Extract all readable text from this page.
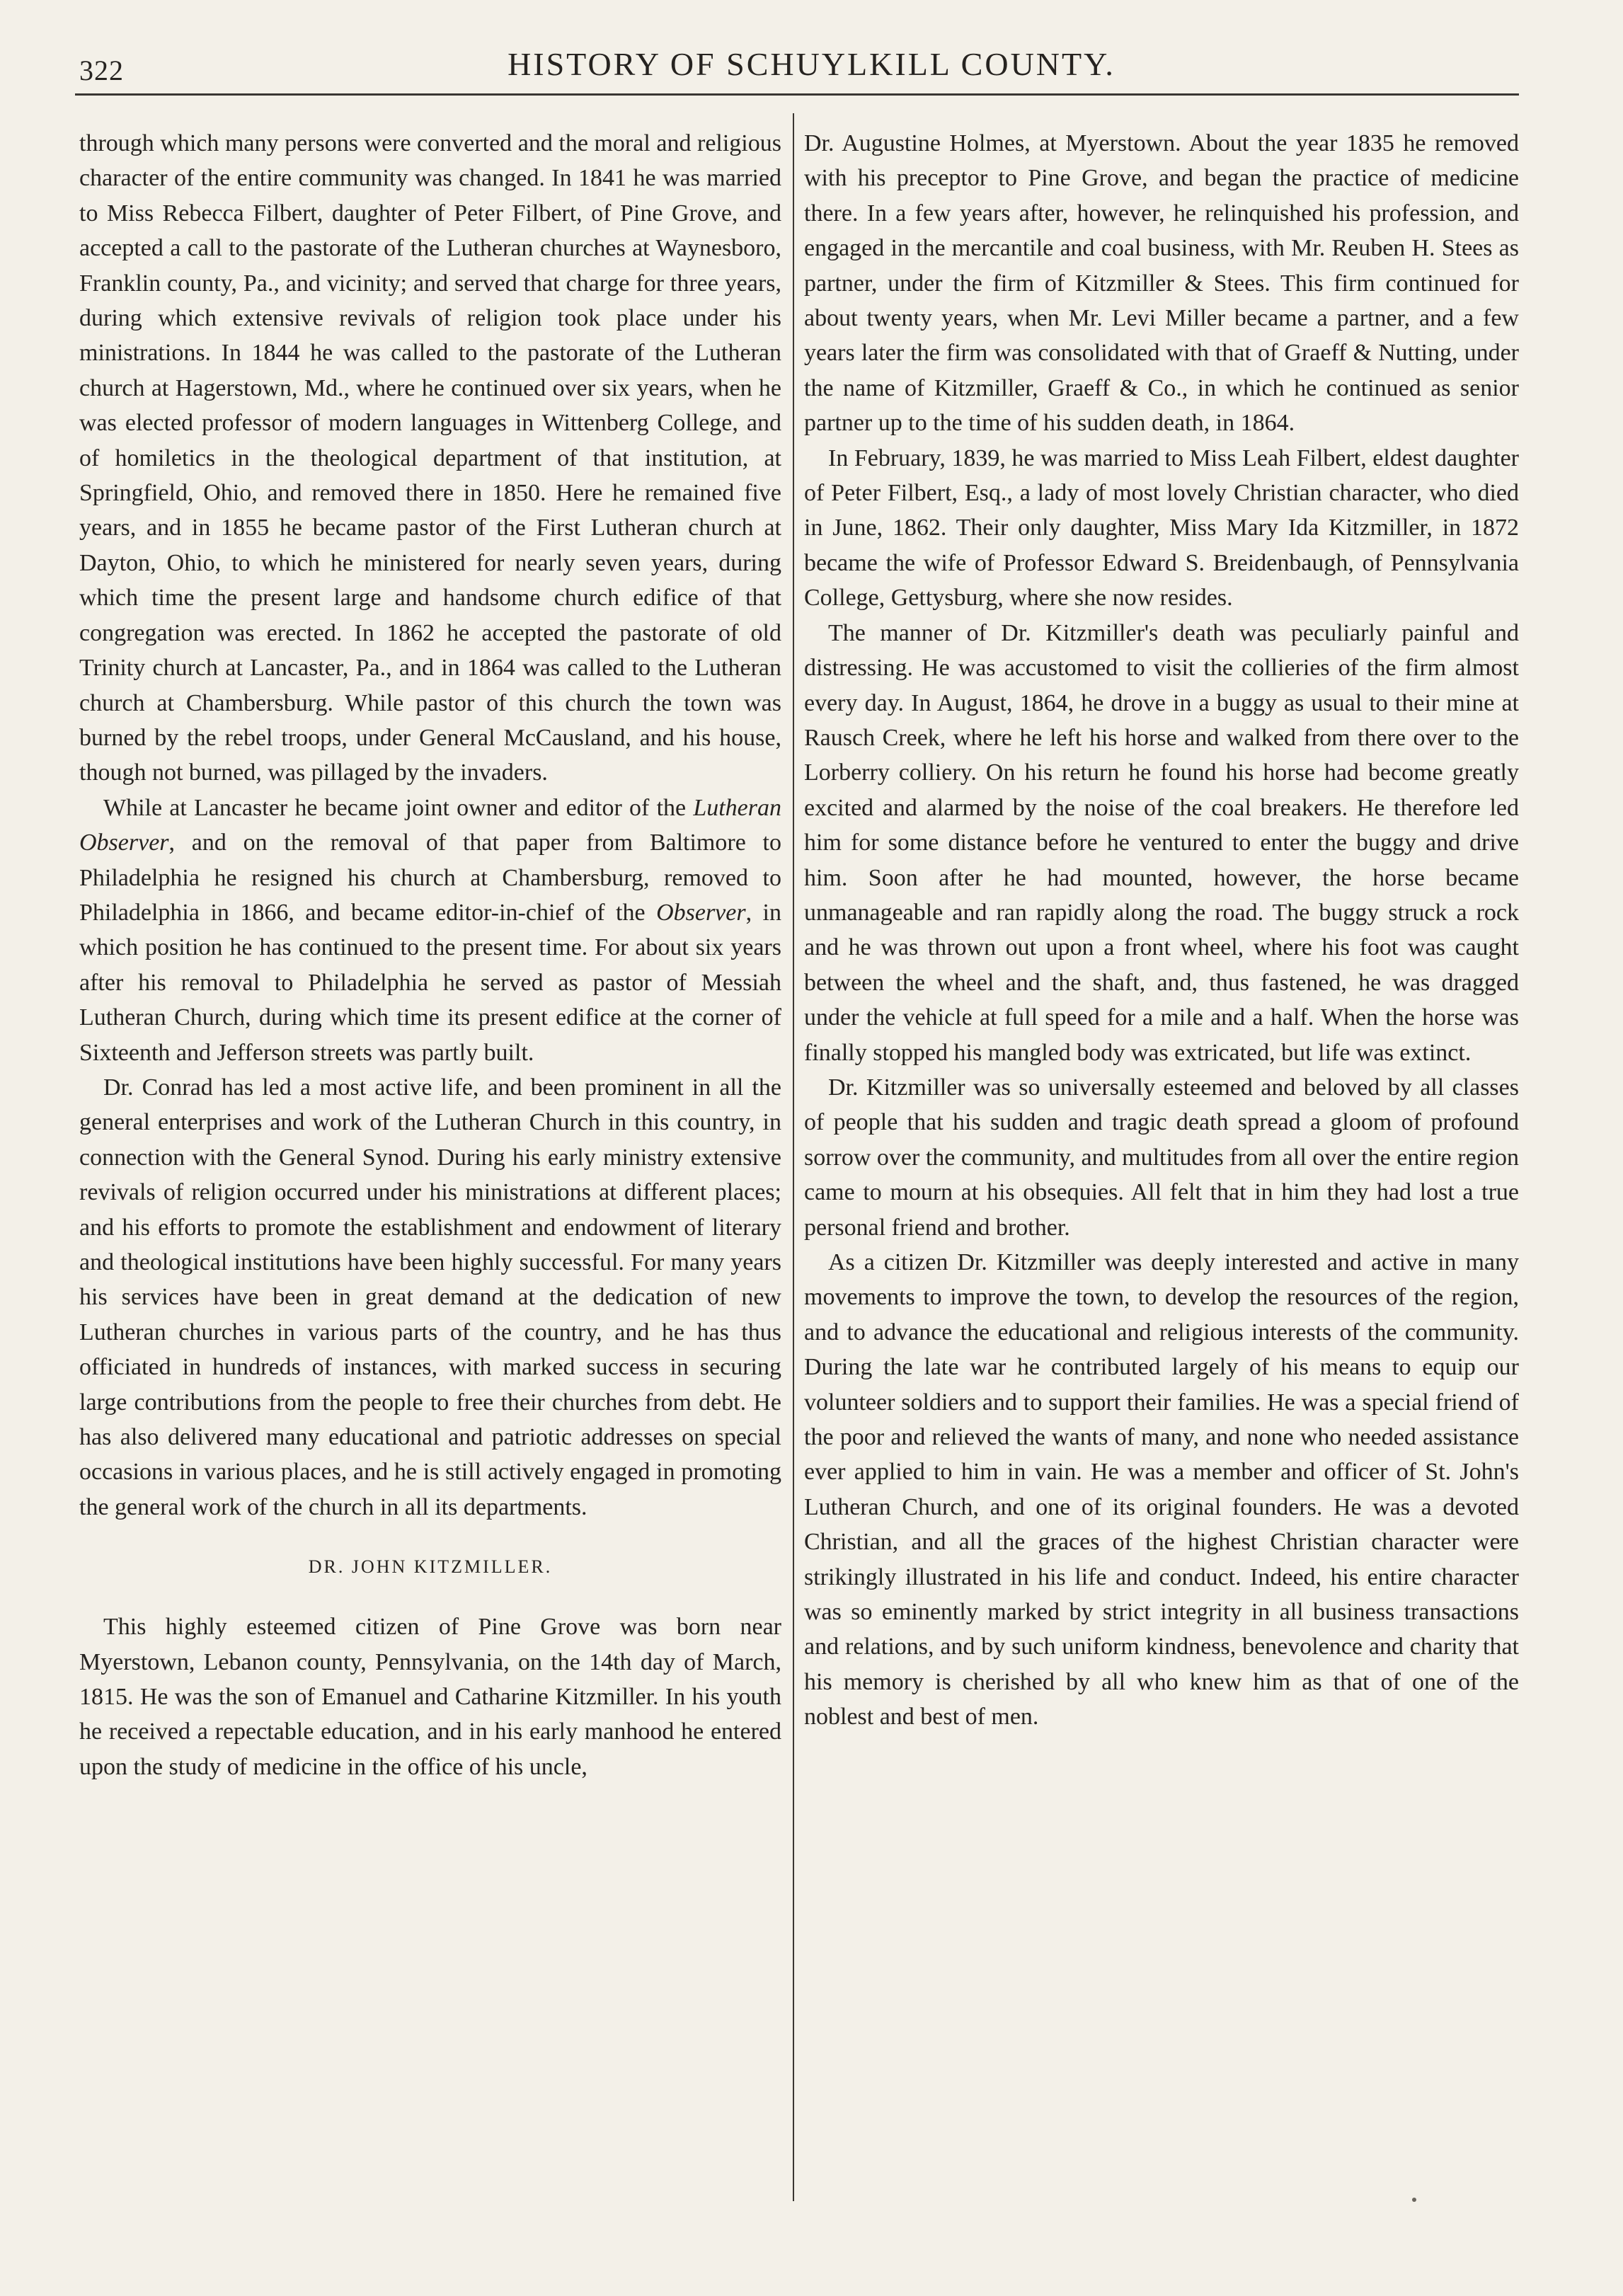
322	HISTORY OF SCHUYLKILL COUNTY.

through which many persons were converted and the moral and religious character of the entire community was changed. In 1841 he was married to Miss Rebecca Filbert, daughter of Peter Filbert, of Pine Grove, and accepted a call to the pastorate of the Lutheran churches at Waynesboro, Franklin county, Pa., and vicinity; and served that charge for three years, during which extensive revivals of religion took place under his ministrations. In 1844 he was called to the pastorate of the Lutheran church at Hagerstown, Md., where he continued over six years, when he was elected professor of modern languages in Wittenberg College, and of homiletics in the theological department of that institution, at Springfield, Ohio, and removed there in 1850. Here he remained five years, and in 1855 he became pastor of the First Lutheran church at Dayton, Ohio, to which he ministered for nearly seven years, during which time the present large and handsome church edifice of that congregation was erected. In 1862 he accepted the pastorate of old Trinity church at Lancaster, Pa., and in 1864 was called to the Lutheran church at Chambersburg. While pastor of this church the town was burned by the rebel troops, under General McCausland, and his house, though not burned, was pillaged by the invaders.

While at Lancaster he became joint owner and editor of the Lutheran Observer, and on the removal of that paper from Baltimore to Philadelphia he resigned his church at Chambersburg, removed to Philadelphia in 1866, and became editor-in-chief of the Observer, in which position he has continued to the present time. For about six years after his removal to Philadelphia he served as pastor of Messiah Lutheran Church, during which time its present edifice at the corner of Sixteenth and Jefferson streets was partly built.

Dr. Conrad has led a most active life, and been prominent in all the general enterprises and work of the Lutheran Church in this country, in connection with the General Synod. During his early ministry extensive revivals of religion occurred under his ministrations at different places; and his efforts to promote the establishment and endowment of literary and theological institutions have been highly successful. For many years his services have been in great demand at the dedication of new Lutheran churches in various parts of the country, and he has thus officiated in hundreds of instances, with marked success in securing large contributions from the people to free their churches from debt. He has also delivered many educational and patriotic addresses on special occasions in various places, and he is still actively engaged in promoting the general work of the church in all its departments.

DR. JOHN KITZMILLER.

This highly esteemed citizen of Pine Grove was born near Myerstown, Lebanon county, Pennsylvania, on the 14th day of March, 1815. He was the son of Emanuel and Catharine Kitzmiller. In his youth he received a repectable education, and in his early manhood he entered upon the study of medicine in the office of his uncle,

Dr. Augustine Holmes, at Myerstown. About the year 1835 he removed with his preceptor to Pine Grove, and began the practice of medicine there. In a few years after, however, he relinquished his profession, and engaged in the mercantile and coal business, with Mr. Reuben H. Stees as partner, under the firm of Kitzmiller & Stees. This firm continued for about twenty years, when Mr. Levi Miller became a partner, and a few years later the firm was consolidated with that of Graeff & Nutting, under the name of Kitzmiller, Graeff & Co., in which he continued as senior partner up to the time of his sudden death, in 1864.

In February, 1839, he was married to Miss Leah Filbert, eldest daughter of Peter Filbert, Esq., a lady of most lovely Christian character, who died in June, 1862. Their only daughter, Miss Mary Ida Kitzmiller, in 1872 became the wife of Professor Edward S. Breidenbaugh, of Pennsylvania College, Gettysburg, where she now resides.

The manner of Dr. Kitzmiller's death was peculiarly painful and distressing. He was accustomed to visit the collieries of the firm almost every day. In August, 1864, he drove in a buggy as usual to their mine at Rausch Creek, where he left his horse and walked from there over to the Lorberry colliery. On his return he found his horse had become greatly excited and alarmed by the noise of the coal breakers. He therefore led him for some distance before he ventured to enter the buggy and drive him. Soon after he had mounted, however, the horse became unmanageable and ran rapidly along the road. The buggy struck a rock and he was thrown out upon a front wheel, where his foot was caught between the wheel and the shaft, and, thus fastened, he was dragged under the vehicle at full speed for a mile and a half. When the horse was finally stopped his mangled body was extricated, but life was extinct.

Dr. Kitzmiller was so universally esteemed and beloved by all classes of people that his sudden and tragic death spread a gloom of profound sorrow over the community, and multitudes from all over the entire region came to mourn at his obsequies. All felt that in him they had lost a true personal friend and brother.

As a citizen Dr. Kitzmiller was deeply interested and active in many movements to improve the town, to develop the resources of the region, and to advance the educational and religious interests of the community. During the late war he contributed largely of his means to equip our volunteer soldiers and to support their families. He was a special friend of the poor and relieved the wants of many, and none who needed assistance ever applied to him in vain. He was a member and officer of St. John's Lutheran Church, and one of its original founders. He was a devoted Christian, and all the graces of the highest Christian character were strikingly illustrated in his life and conduct. Indeed, his entire character was so eminently marked by strict integrity in all business transactions and relations, and by such uniform kindness, benevolence and charity that his memory is cherished by all who knew him as that of one of the noblest and best of men.
